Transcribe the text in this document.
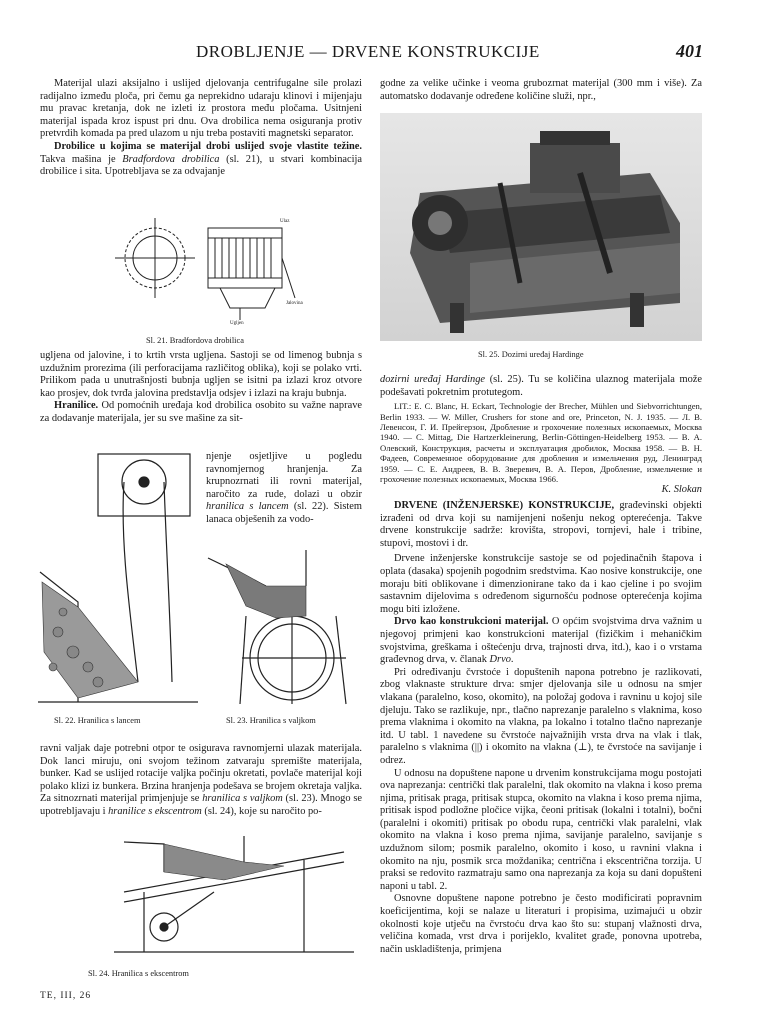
DROBLJENJE — DRVENE KONSTRUKCIJE	401

Materijal ulazi aksijalno i uslijed djelovanja centrifugalne sile prolazi radijalno između ploča, pri čemu ga neprekidno udaraju klinovi i mijenjaju mu pravac kretanja, dok ne izleti iz prostora među pločama. Usitnjeni materijal ispada kroz ispust pri dnu. Ova drobilica nema osiguranja protiv pretvrdih komada pa pred ulazom u nju treba postaviti magnetski separator.

Drobilice u kojima se materijal drobi uslijed svoje vlastite težine. Takva mašina je Bradfordova drobilica (sl. 21), u stvari kombinacija drobilice i sita. Upotrebljava se za odvajanje

Ulaz
Ugljen
Jalovina
Sl. 21. Bradfordova drobilica

ugljena od jalovine, i to krtih vrsta ugljena. Sastoji se od limenog bubnja s uzdužnim prorezima (ili perforacijama različitog oblika), koji se polako vrti. Prilikom pada u unutrašnjosti bubnja ugljen se isitni pa izlazi kroz otvore kao prosjev, dok tvrđa jalovina predstavlja odsjev i izlazi na kraju bubnja.

Hranilice. Od pomoćnih uređaja kod drobilica osobito su važne naprave za dodavanje materijala, jer su sve mašine za sit-

Sl. 22. Hranilica s lancem

njenje osjetljive u pogledu ravnomjernog hranjenja. Za krupnozrnati ili rovni materijal, naročito za rude, dolazi u obzir hranilica s lancem (sl. 22). Sistem lanaca obješenih za vodo-

Sl. 23. Hranilica s valjkom

ravni valjak daje potrebni otpor te osigurava ravnomjerni ulazak materijala. Dok lanci miruju, oni svojom težinom zatvaraju spremište materijala, bunker. Kad se uslijed rotacije valjka počinju okretati, povlače materijal koji polako klizi iz bunkera. Brzina hranjenja podešava se brojem okretaja valjka. Za sitnozrnati materijal primjenjuje se hranilica s valjkom (sl. 23). Mnogo se upotrebljavaju i hranilice s ekscentrom (sl. 24), koje su naročito po-

Sl. 24. Hranilica s ekscentrom

godne za velike učinke i veoma grubozrnat materijal (300 mm i više). Za automatsko dodavanje određene količine služi, npr.,

Sl. 25. Dozirni uređaj Hardinge

dozirni uređaj Hardinge (sl. 25). Tu se količina ulaznog materijala može podešavati pokretnim protutegom.

LIT.: E. C. Blanc, H. Eckart, Technologie der Brecher, Mühlen und Siebvorrichtungen, Berlin 1933. — W. Miller, Crushers for stone and ore, Princeton, N. J. 1935. — Л. В. Левенсон, Г. И. Прейгерзон, Дробление и грохочение полезных ископаемых, Москва 1940. — C. Mittag, Die Hartzerkleinerung, Berlin-Göttingen-Heidelberg 1953. — В. А. Олевский, Конструкция, расчеты и эксплуатация дробилок, Москва 1958. — В. Н. Фадеев, Современное оборудование для дробления и измельчения руд, Ленинград 1959. — С. Е. Андреев, В. В. Зверевич, В. А. Перов, Дробление, измельчение и грохочение полезных ископаемых, Москва 1966.

K. Slokan

DRVENE (INŽENJERSKE) KONSTRUKCIJE, građevinski objekti izrađeni od drva koji su namijenjeni nošenju nekog opterećenja. Takve drvene konstrukcije sadrže: krovišta, stropovi, tornjevi, hale i tribine, stupovi, mostovi i dr.

Drvene inženjerske konstrukcije sastoje se od pojedinačnih štapova i oplata (dasaka) spojenih pogodnim sredstvima. Kao nosive konstrukcije, one moraju biti oblikovane i dimenzionirane tako da i kao cjeline i po svojim sastavnim dijelovima s određenom sigurnošću podnose opterećenja kojima mogu biti izložene.

Drvo kao konstrukcioni materijal. O općim svojstvima drva važnim u njegovoj primjeni kao konstrukcioni materijal (fizičkim i mehaničkim svojstvima, greškama i oštećenju drva, trajnosti drva, itd.), kao i o vrstama građevnog drva, v. članak Drvo.

Pri određivanju čvrstoće i dopuštenih napona potrebno je razlikovati, zbog vlaknaste strukture drva: smjer djelovanja sile u odnosu na smjer vlakana (paralelno, koso, okomito), na položaj godova i ravninu u kojoj sile djeluju. Tako se razlikuje, npr., tlačno naprezanje paralelno s vlaknima, koso prema vlaknima i okomito na vlakna, pa lokalno i totalno tlačno naprezanje itd. U tabl. 1 navedene su čvrstoće najvažnijih vrsta drva na vlak i tlak, paralelno s vlaknima (||) i okomito na vlakna (⊥), te čvrstoće na savijanje i odrez.

U odnosu na dopuštene napone u drvenim konstrukcijama mogu postojati ova naprezanja: centrički tlak paralelni, tlak okomito na vlakna i koso prema njima, pritisak praga, pritisak stupca, okomito na vlakna i koso prema njima, pritisak ispod podložne pločice vijka, čeoni pritisak (lokalni i totalni), bočni (paralelni i okomiti) pritisak po obodu rupa, centrički vlak paralelni, vlak okomito na vlakna i koso prema njima, savijanje paralelno, savijanje s uzdužnom silom; posmik paralelno, okomito i koso, u ravnini vlakna i okomito na nju, posmik srca moždanika; centrična i ekscentrična torzija. U praksi se redovito razmatraju samo ona naprezanja za koja su dani dopušteni naponi u tabl. 2.

Osnovne dopuštene napone potrebno je često modificirati popravnim koeficijentima, koji se nalaze u literaturi i propisima, uzimajući u obzir okolnosti koje utječu na čvrstoću drva kao što su: stupanj vlažnosti drva, veličina komada, vrst drva i porijeklo, kvalitet građe, ponovna upotreba, način uskladištenja, primjena

TE, III, 26
